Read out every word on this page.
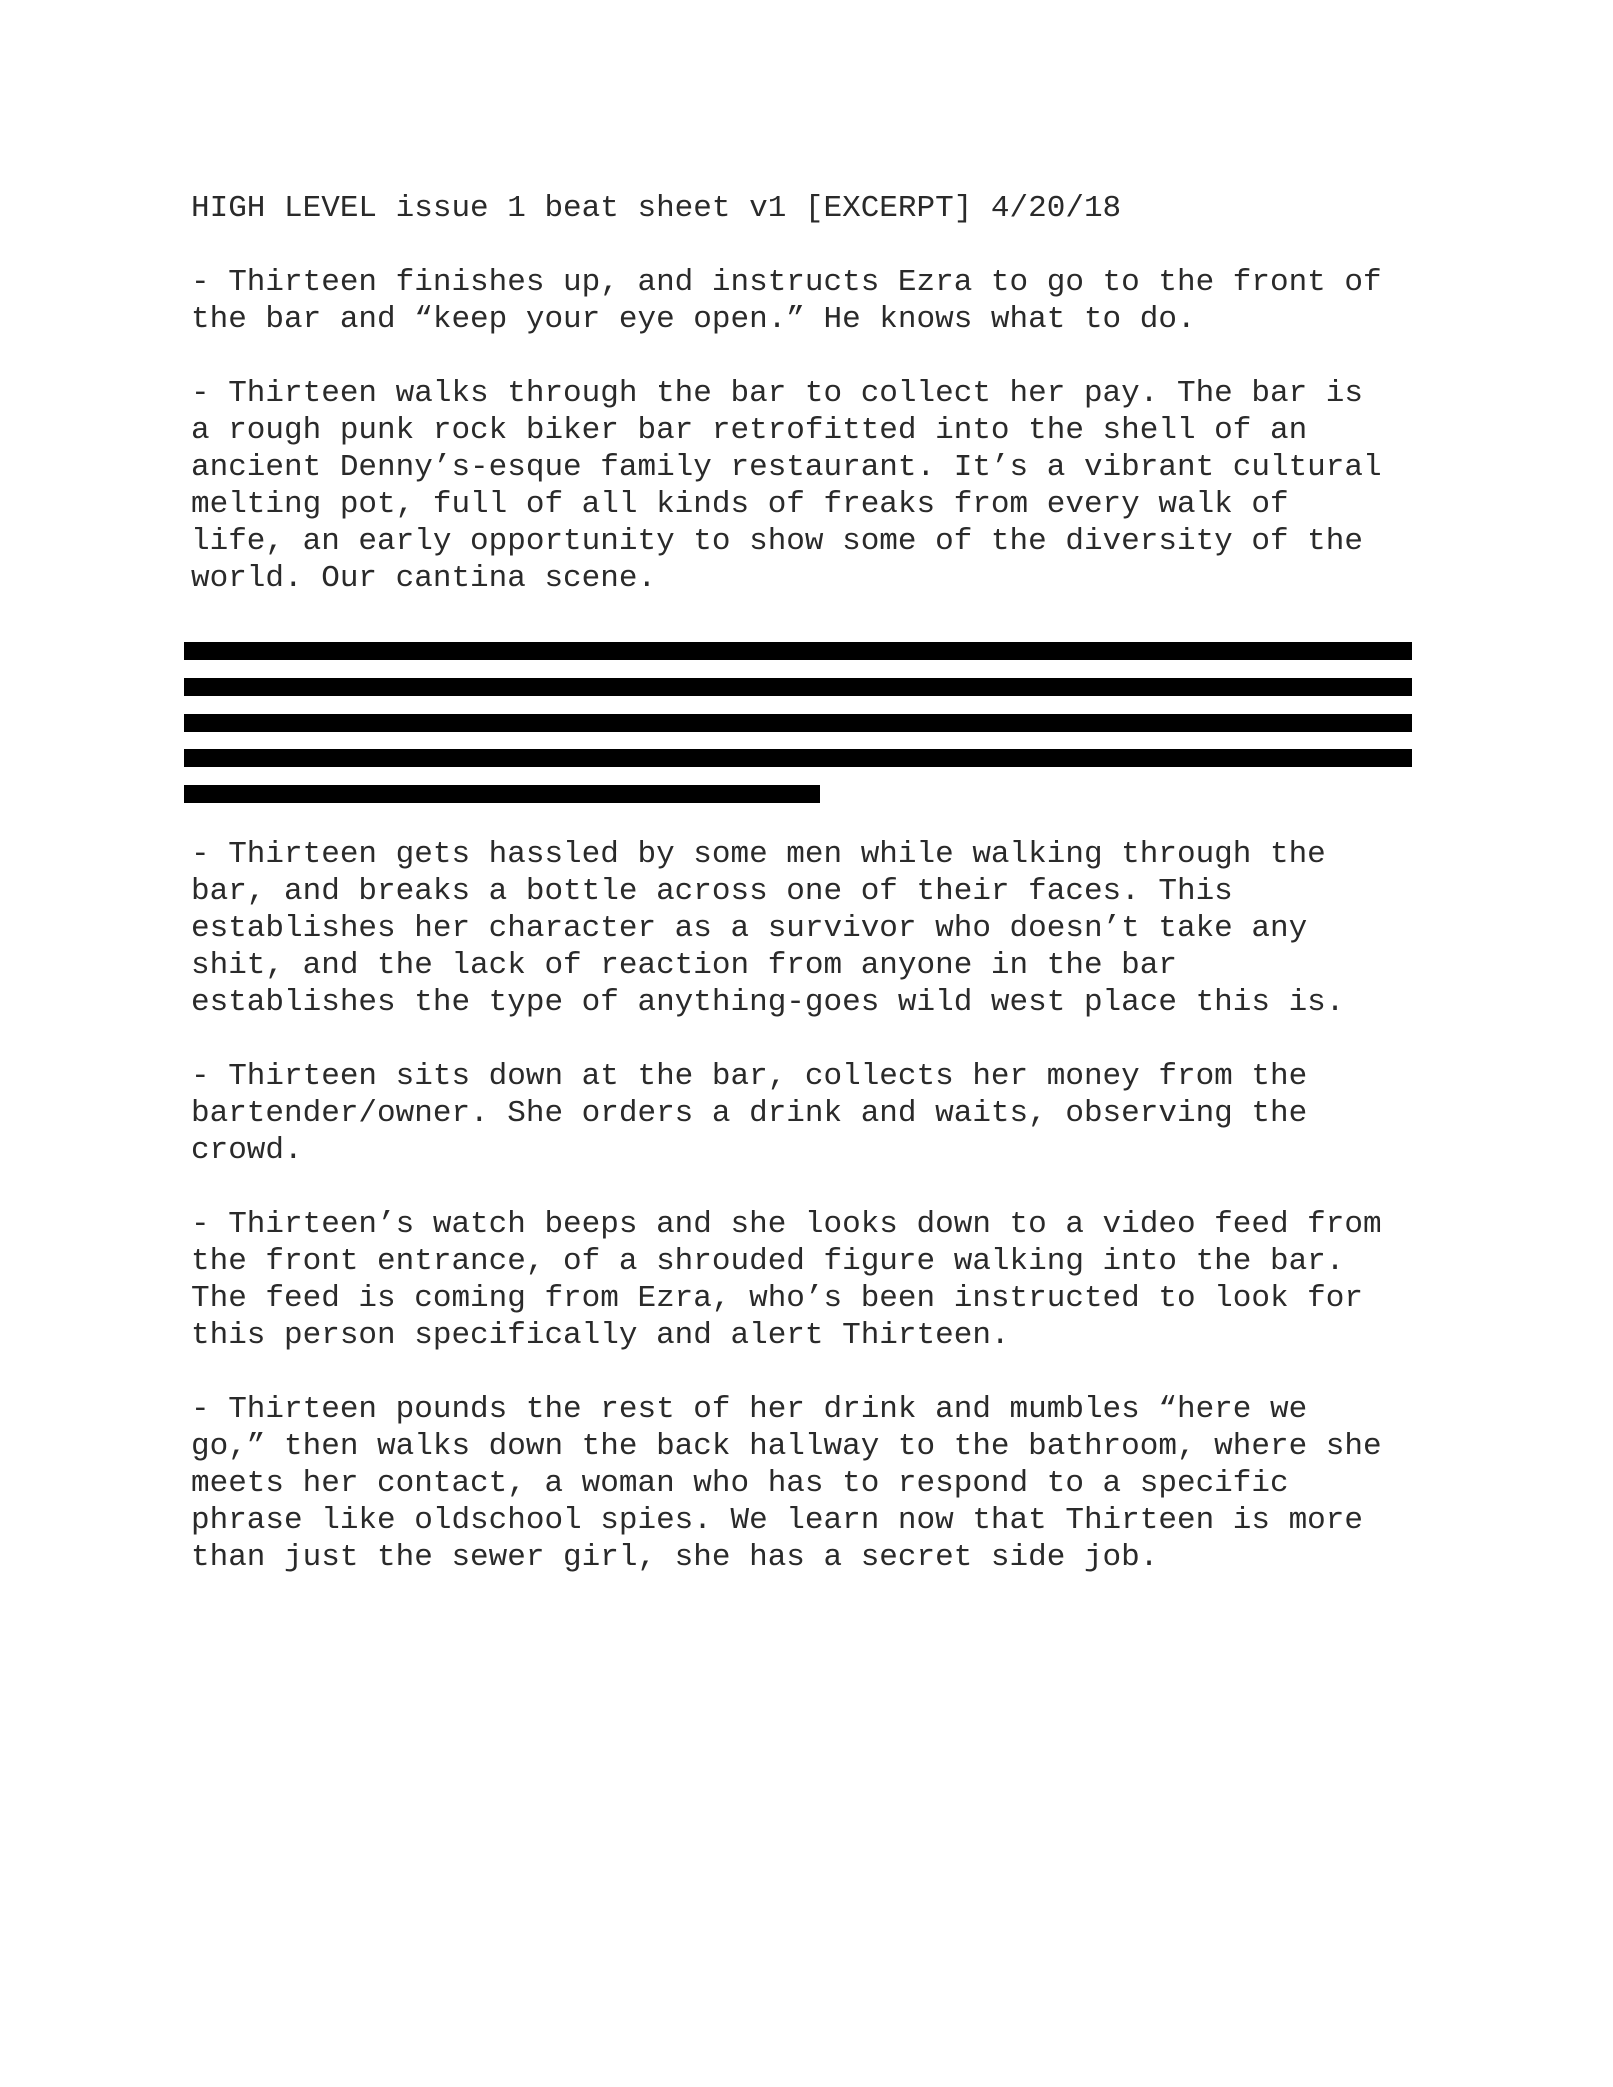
HIGH LEVEL issue 1 beat sheet v1 [EXCERPT] 4/20/18
- Thirteen finishes up, and instructs Ezra to go to the front of
the bar and “keep your eye open.” He knows what to do.
- Thirteen walks through the bar to collect her pay. The bar is
a rough punk rock biker bar retrofitted into the shell of an
ancient Denny’s-esque family restaurant. It’s a vibrant cultural
melting pot, full of all kinds of freaks from every walk of
life, an early opportunity to show some of the diversity of the
world. Our cantina scene.
- Thirteen gets hassled by some men while walking through the
bar, and breaks a bottle across one of their faces. This
establishes her character as a survivor who doesn’t take any
shit, and the lack of reaction from anyone in the bar
establishes the type of anything-goes wild west place this is.
- Thirteen sits down at the bar, collects her money from the
bartender/owner. She orders a drink and waits, observing the
crowd.
- Thirteen’s watch beeps and she looks down to a video feed from
the front entrance, of a shrouded figure walking into the bar.
The feed is coming from Ezra, who’s been instructed to look for
this person specifically and alert Thirteen.
- Thirteen pounds the rest of her drink and mumbles “here we
go,” then walks down the back hallway to the bathroom, where she
meets her contact, a woman who has to respond to a specific
phrase like oldschool spies. We learn now that Thirteen is more
than just the sewer girl, she has a secret side job.
